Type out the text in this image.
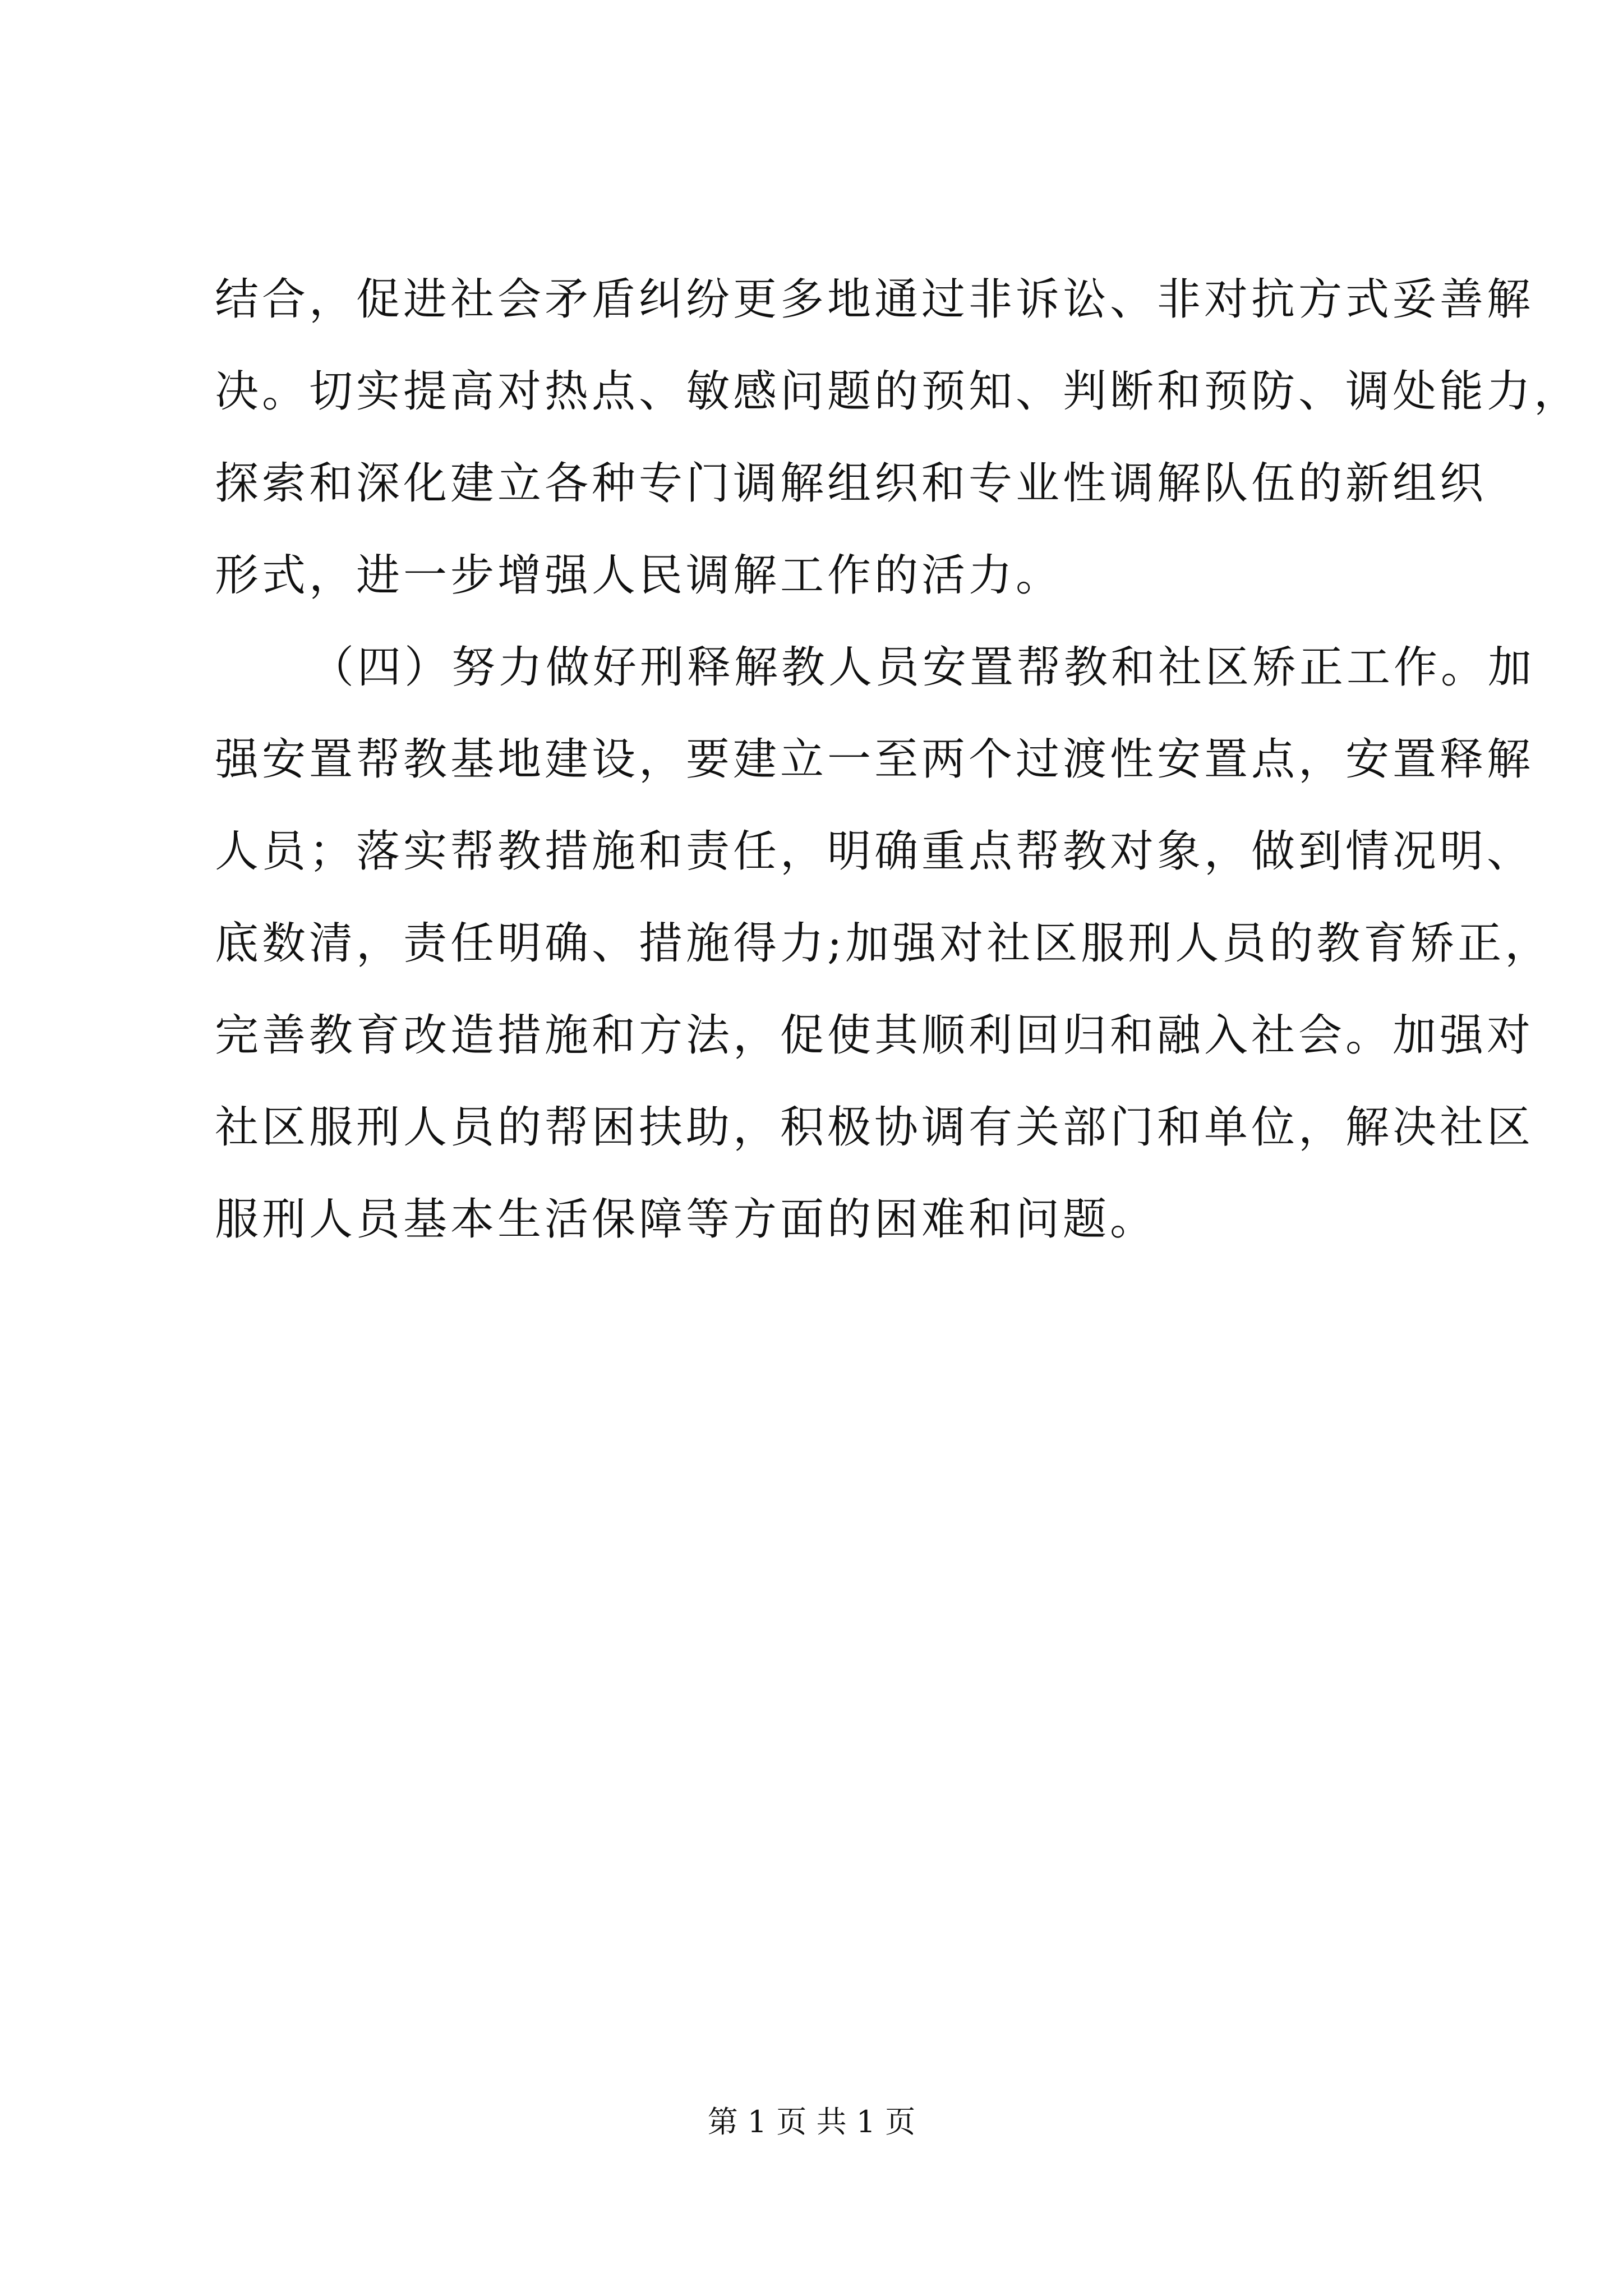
结合，促进社会矛盾纠纷更多地通过非诉讼、非对抗方式妥善解
决。切实提高对热点、敏感问题的预知、判断和预防、调处能力，
探索和深化建立各种专门调解组织和专业性调解队伍的新组织
形式，进一步增强人民调解工作的活力。
（四）努力做好刑释解教人员安置帮教和社区矫正工作。加
强安置帮教基地建设，要建立一至两个过渡性安置点，安置释解
人员；落实帮教措施和责任，明确重点帮教对象，做到情况明、
底数清，责任明确、措施得力;加强对社区服刑人员的教育矫正，
完善教育改造措施和方法，促使其顺利回归和融入社会。加强对
社区服刑人员的帮困扶助，积极协调有关部门和单位，解决社区
服刑人员基本生活保障等方面的困难和问题。
第 1 页 共 1 页
